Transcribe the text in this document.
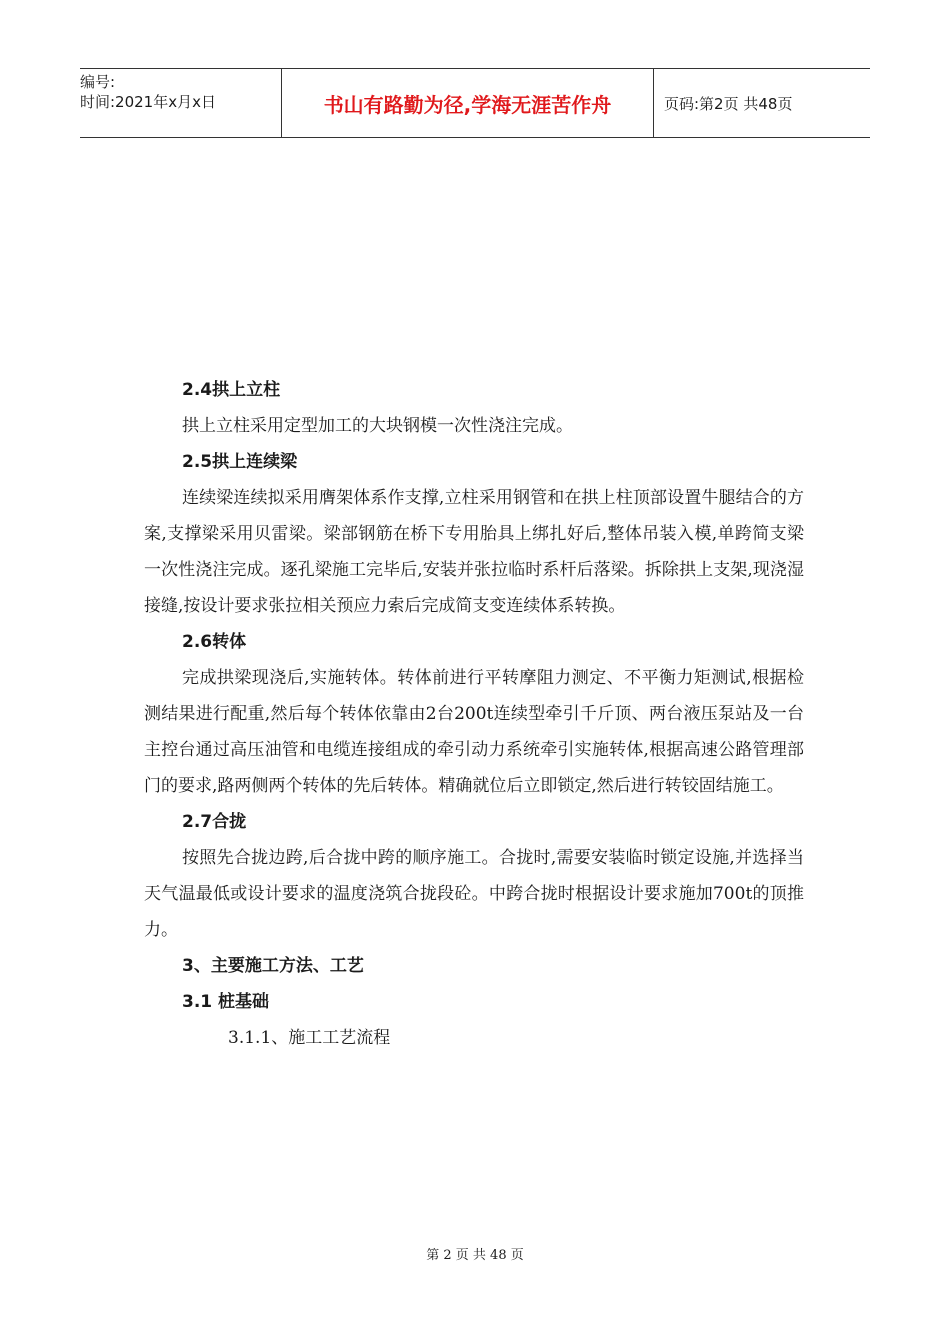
编号:
时间:2021年x月x日	书山有路勤为径,学海无涯苦作舟	页码:第2页 共48页
2.4拱上立柱
拱上立柱采用定型加工的大块钢模一次性浇注完成。
2.5拱上连续梁
连续梁连续拟采用膺架体系作支撑,立柱采用钢管和在拱上柱顶部设置牛腿结合的方案,支撑梁采用贝雷梁。梁部钢筋在桥下专用胎具上绑扎好后,整体吊装入模,单跨简支梁一次性浇注完成。逐孔梁施工完毕后,安装并张拉临时系杆后落梁。拆除拱上支架,现浇湿接缝,按设计要求张拉相关预应力索后完成简支变连续体系转换。
2.6转体
完成拱梁现浇后,实施转体。转体前进行平转摩阻力测定、不平衡力矩测试,根据检测结果进行配重,然后每个转体依靠由2台200t连续型牵引千斤顶、两台液压泵站及一台主控台通过高压油管和电缆连接组成的牵引动力系统牵引实施转体,根据高速公路管理部门的要求,路两侧两个转体的先后转体。精确就位后立即锁定,然后进行转铰固结施工。
2.7合拢
按照先合拢边跨,后合拢中跨的顺序施工。合拢时,需要安装临时锁定设施,并选择当天气温最低或设计要求的温度浇筑合拢段砼。中跨合拢时根据设计要求施加700t的顶推力。
3、主要施工方法、工艺
3.1 桩基础
3.1.1、施工工艺流程
第 2 页 共 48 页
